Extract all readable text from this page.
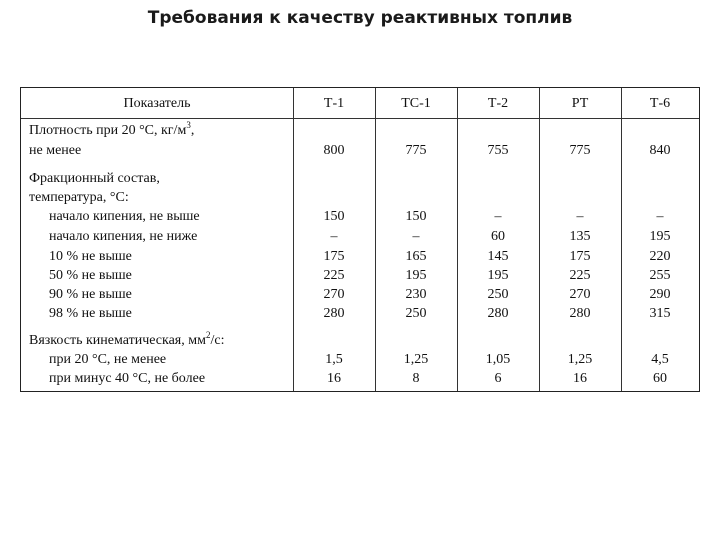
Требования к качеству реактивных топлив
Показатель	Т-1	ТС-1	Т-2	РТ	Т-6
Плотность при 20 °С, $кг/м^3$,
не менее	800	775	755	775	840
Фракционный состав,
температура, °С:
начало кипения, не выше	150	150	–	–	–
начало кипения, не ниже	–	–	60	135	195
10 % не выше	175	165	145	175	220
50 % не выше	225	195	195	225	255
90 % не выше	270	230	250	270	290
98 % не выше	280	250	280	280	315
Вязкость кинематическая, $мм^2/с$:
при 20 °С, не менее	1,5	1,25	1,05	1,25	4,5
при минус 40 °С, не более	16	8	6	16	60
